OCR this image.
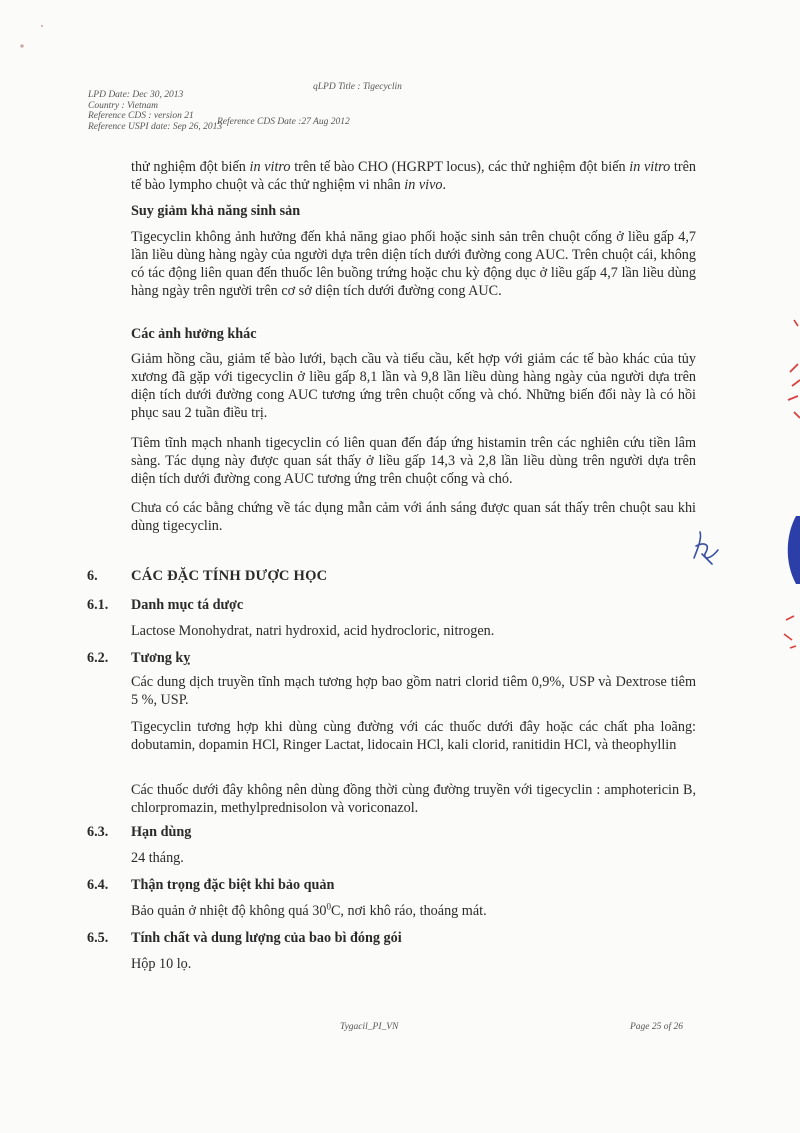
qLPD Title : Tigecyclin
LPD Date: Dec 30, 2013
Country : Vietnam
Reference CDS : version 21
Reference USPI date: Sep 26, 2013
Reference CDS Date :27 Aug 2012
thử nghiệm đột biến in vitro trên tế bào CHO (HGRPT locus), các thử nghiệm đột biến in vitro trên tế bào lympho chuột và các thử nghiệm vi nhân in vivo.
Suy giảm khả năng sinh sản
Tigecyclin không ảnh hưởng đến khả năng giao phối hoặc sinh sản trên chuột cống ở liều gấp 4,7 lần liều dùng hàng ngày của người dựa trên diện tích dưới đường cong AUC. Trên chuột cái, không có tác động liên quan đến thuốc lên buồng trứng hoặc chu kỳ động dục ở liều gấp 4,7 lần liều dùng hàng ngày trên người trên cơ sở diện tích dưới đường cong AUC.
Các ảnh hưởng khác
Giảm hồng cầu, giảm tế bào lưới, bạch cầu và tiểu cầu, kết hợp với giảm các tế bào khác của tủy xương đã gặp với tigecyclin ở liều gấp 8,1 lần và 9,8 lần liều dùng hàng ngày của người dựa trên diện tích dưới đường cong AUC tương ứng trên chuột cống và chó. Những biến đổi này là có hồi phục sau 2 tuần điều trị.
Tiêm tĩnh mạch nhanh tigecyclin có liên quan đến đáp ứng histamin trên các nghiên cứu tiền lâm sàng. Tác dụng này được quan sát thấy ở liều gấp 14,3 và 2,8 lần liều dùng trên người dựa trên diện tích dưới đường cong AUC tương ứng trên chuột cống và chó.
Chưa có các bằng chứng về tác dụng mẫn cảm với ánh sáng được quan sát thấy trên chuột sau khi dùng tigecyclin.
6. CÁC ĐẶC TÍNH DƯỢC HỌC
6.1. Danh mục tá dược
Lactose Monohydrat, natri hydroxid, acid hydrocloric, nitrogen.
6.2. Tương kỵ
Các dung dịch truyền tĩnh mạch tương hợp bao gồm natri clorid tiêm 0,9%, USP và Dextrose tiêm 5 %, USP.
Tigecyclin tương hợp khi dùng cùng đường với các thuốc dưới đây hoặc các chất pha loãng: dobutamin, dopamin HCl, Ringer Lactat, lidocain HCl, kali clorid, ranitidin HCl, và theophyllin
Các thuốc dưới đây không nên dùng đồng thời cùng đường truyền với tigecyclin : amphotericin B, chlorpromazin, methylprednisolon và voriconazol.
6.3. Hạn dùng
24 tháng.
6.4. Thận trọng đặc biệt khi bảo quản
Bảo quản ở nhiệt độ không quá $30^0C$, nơi khô ráo, thoáng mát.
6.5. Tính chất và dung lượng của bao bì đóng gói
Hộp 10 lọ.
Tygacil_PI_VN	Page 25 of 26
